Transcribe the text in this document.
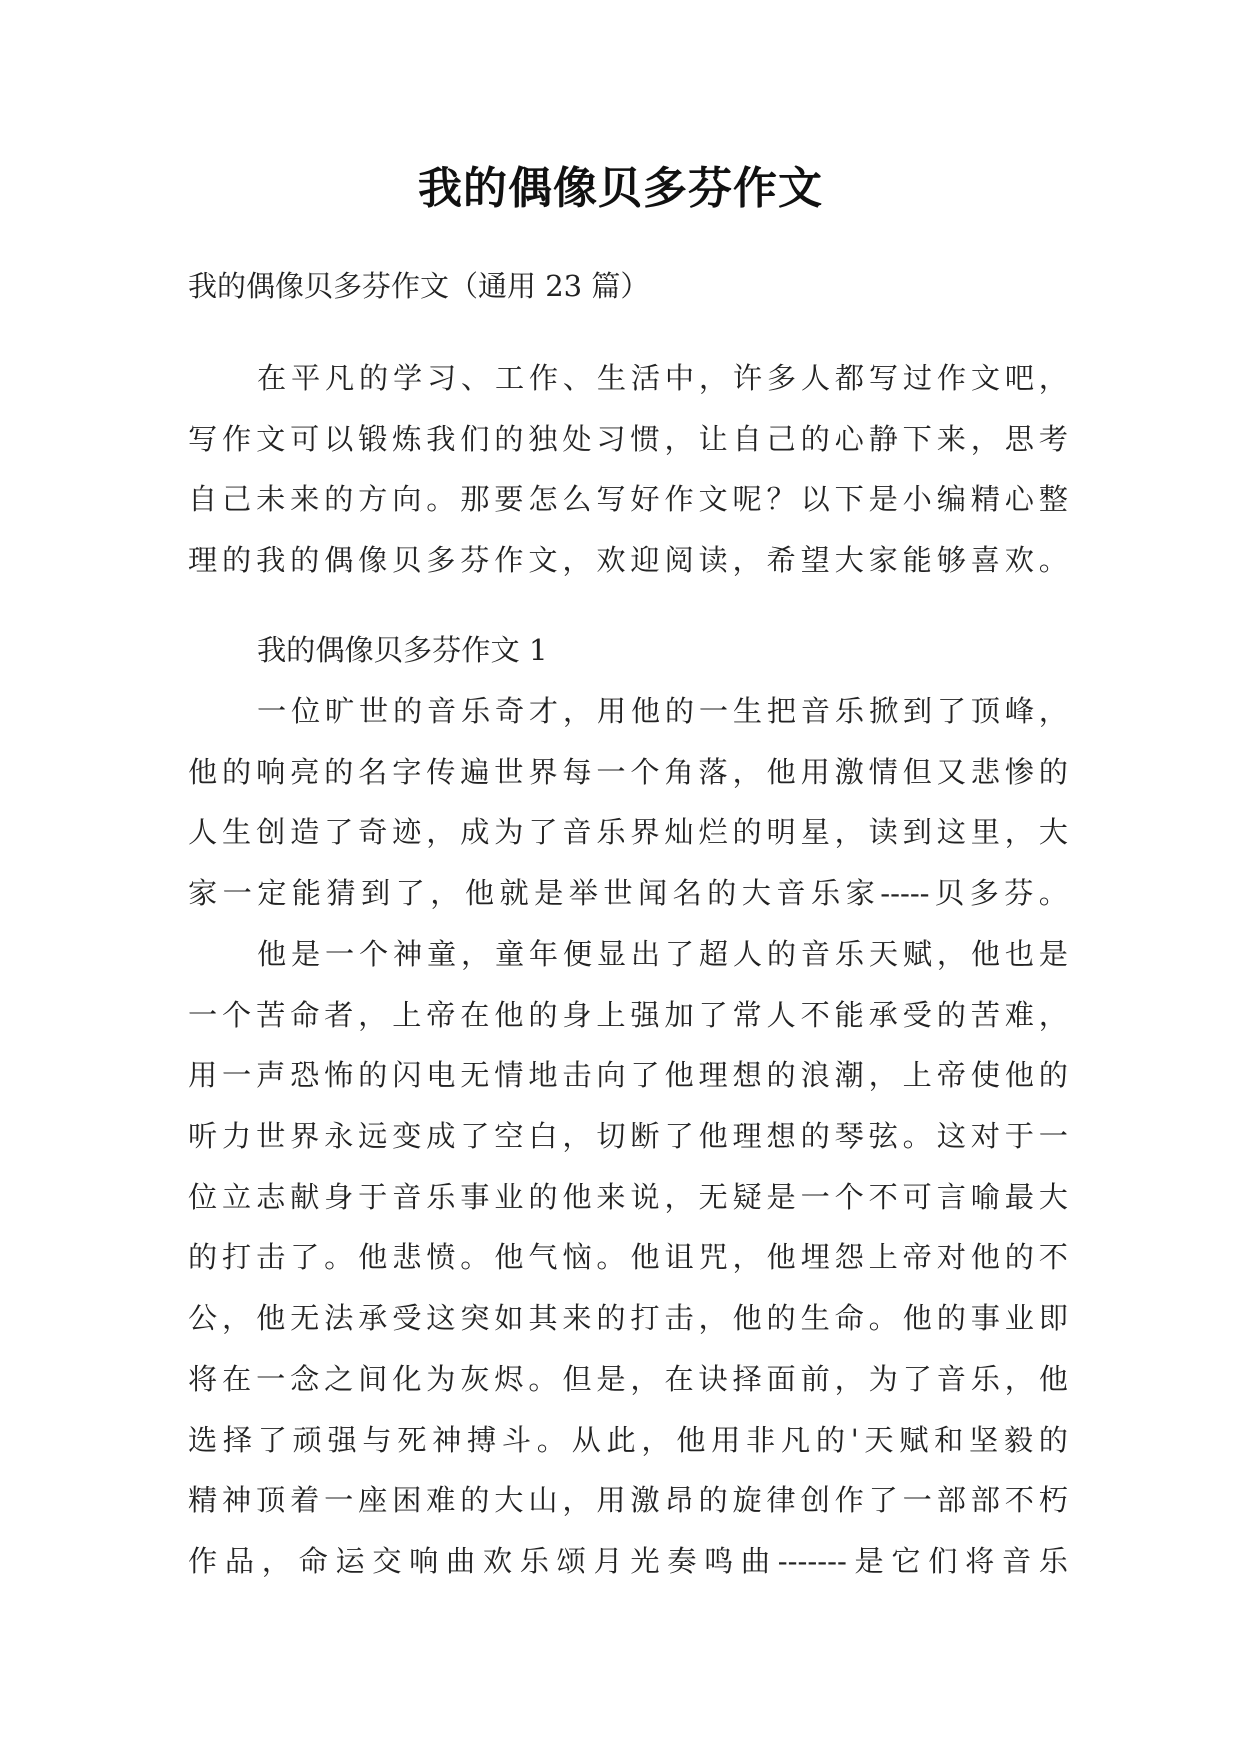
我的偶像贝多芬作文
我的偶像贝多芬作文（通用 23 篇）
在平凡的学习、工作、生活中，许多人都写过作文吧，
写作文可以锻炼我们的独处习惯，让自己的心静下来，思考
自己未来的方向。那要怎么写好作文呢？以下是小编精心整
理的我的偶像贝多芬作文，欢迎阅读，希望大家能够喜欢。
我的偶像贝多芬作文 1
一位旷世的音乐奇才，用他的一生把音乐掀到了顶峰，
他的响亮的名字传遍世界每一个角落，他用激情但又悲惨的
人生创造了奇迹，成为了音乐界灿烂的明星，读到这里，大
家一定能猜到了，他就是举世闻名的大音乐家-----贝多芬。
他是一个神童，童年便显出了超人的音乐天赋，他也是
一个苦命者，上帝在他的身上强加了常人不能承受的苦难，
用一声恐怖的闪电无情地击向了他理想的浪潮，上帝使他的
听力世界永远变成了空白，切断了他理想的琴弦。这对于一
位立志献身于音乐事业的他来说，无疑是一个不可言喻最大
的打击了。他悲愤。他气恼。他诅咒，他埋怨上帝对他的不
公，他无法承受这突如其来的打击，他的生命。他的事业即
将在一念之间化为灰烬。但是，在诀择面前，为了音乐，他
选择了顽强与死神搏斗。从此，他用非凡的'天赋和坚毅的
精神顶着一座困难的大山，用激昂的旋律创作了一部部不朽
作品，命运交响曲欢乐颂月光奏鸣曲-------是它们将音乐
